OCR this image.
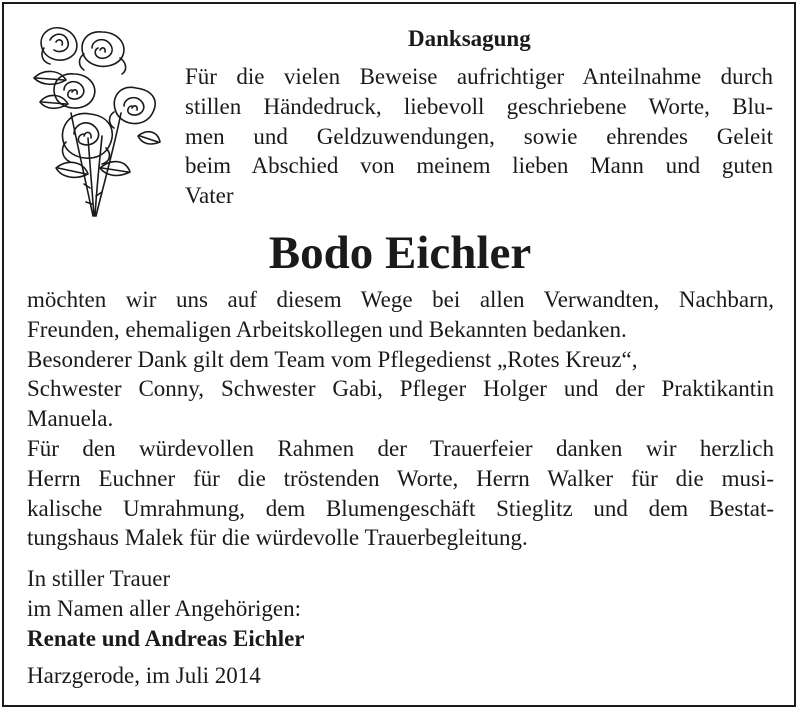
Danksagung
Für die vielen Beweise aufrichtiger Anteilnahme durch
stillen Händedruck, liebevoll geschriebene Worte, Blu-
men und Geldzuwendungen, sowie ehrendes Geleit
beim Abschied von meinem lieben Mann und guten
Vater
Bodo Eichler
möchten wir uns auf diesem Wege bei allen Verwandten, Nachbarn,
Freunden, ehemaligen Arbeitskollegen und Bekannten bedanken.
Besonderer Dank gilt dem Team vom Pflegedienst „Rotes Kreuz“,
Schwester Conny, Schwester Gabi, Pfleger Holger und der Praktikantin
Manuela.
Für den würdevollen Rahmen der Trauerfeier danken wir herzlich
Herrn Euchner für die tröstenden Worte, Herrn Walker für die musi-
kalische Umrahmung, dem Blumengeschäft Stieglitz und dem Bestat-
tungshaus Malek für die würdevolle Trauerbegleitung.
In stiller Trauer
im Namen aller Angehörigen:
Renate und Andreas Eichler
Harzgerode, im Juli 2014
